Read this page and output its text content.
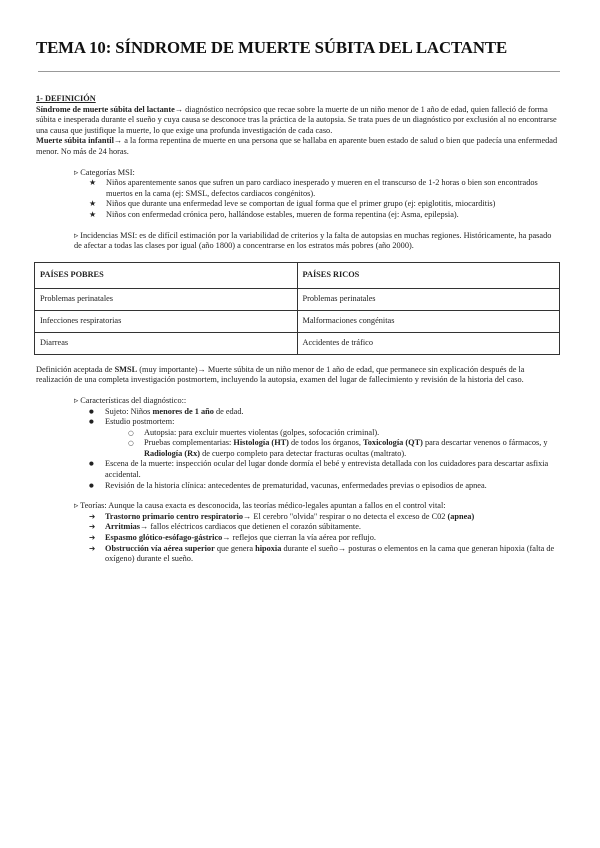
TEMA 10: SÍNDROME DE MUERTE SÚBITA DEL LACTANTE

1- DEFINICIÓN

Síndrome de muerte súbita del lactante→ diagnóstico necrópsico que recae sobre la muerte de un niño menor de 1 año de edad, quien falleció de forma súbita e inesperada durante el sueño y cuya causa se desconoce tras la práctica de la autopsia. Se trata pues de un diagnóstico por exclusión al no encontrarse una causa que justifique la muerte, lo que exige una profunda investigación de cada caso.

Muerte súbita infantil→ a la forma repentina de muerte en una persona que se hallaba en aparente buen estado de salud o bien que padecía una enfermedad menor. No más de 24 horas.

▹ Categorías MSI:

★ Niños aparentemente sanos que sufren un paro cardiaco inesperado y mueren en el transcurso de 1-2 horas o bien son encontrados muertos en la cama (ej: SMSL, defectos cardiacos congénitos).
★ Niños que durante una enfermedad leve se comportan de igual forma que el primer grupo (ej: epiglotitis, miocarditis)
★ Niños con enfermedad crónica pero, hallándose estables, mueren de forma repentina (ej: Asma, epilepsia).

▹ Incidencias MSI: es de difícil estimación por la variabilidad de criterios y la falta de autopsias en muchas regiones. Históricamente, ha pasado de afectar a todas las clases por igual (año 1800) a concentrarse en los estratos más pobres (año 2000).

PAÍSES POBRES	PAÍSES RICOS
Problemas perinatales	Problemas perinatales
Infecciones respiratorias	Malformaciones congénitas
Diarreas	Accidentes de tráfico

Definición aceptada de SMSL (muy importante)→ Muerte súbita de un niño menor de 1 año de edad, que permanece sin explicación después de la realización de una completa investigación postmortem, incluyendo la autopsia, examen del lugar de fallecimiento y revisión de la historia del caso.

▹ Características del diagnóstico::

● Sujeto: Niños menores de 1 año de edad.
● Estudio postmortem:
○ Autopsia: para excluir muertes violentas (golpes, sofocación criminal).
○ Pruebas complementarias: Histología (HT) de todos los órganos, Toxicología (QT) para descartar venenos o fármacos, y Radiología (Rx) de cuerpo completo para detectar fracturas ocultas (maltrato).
● Escena de la muerte: inspección ocular del lugar donde dormía el bebé y entrevista detallada con los cuidadores para descartar asfixia accidental.
● Revisión de la historia clínica: antecedentes de prematuridad, vacunas, enfermedades previas o episodios de apnea.

▹ Teorías: Aunque la causa exacta es desconocida, las teorías médico-legales apuntan a fallos en el control vital:

➔ Trastorno primario centro respiratorio→ El cerebro "olvida" respirar o no detecta el exceso de C02 (apnea)
➔ Arritmias→ fallos eléctricos cardiacos que detienen el corazón súbitamente.
➔ Espasmo glótico-esófago-gástrico→ reflejos que cierran la vía aérea por reflujo.
➔ Obstrucción vía aérea superior que genera hipoxia durante el sueño→ posturas o elementos en la cama que generan hipoxia (falta de oxígeno) durante el sueño.
